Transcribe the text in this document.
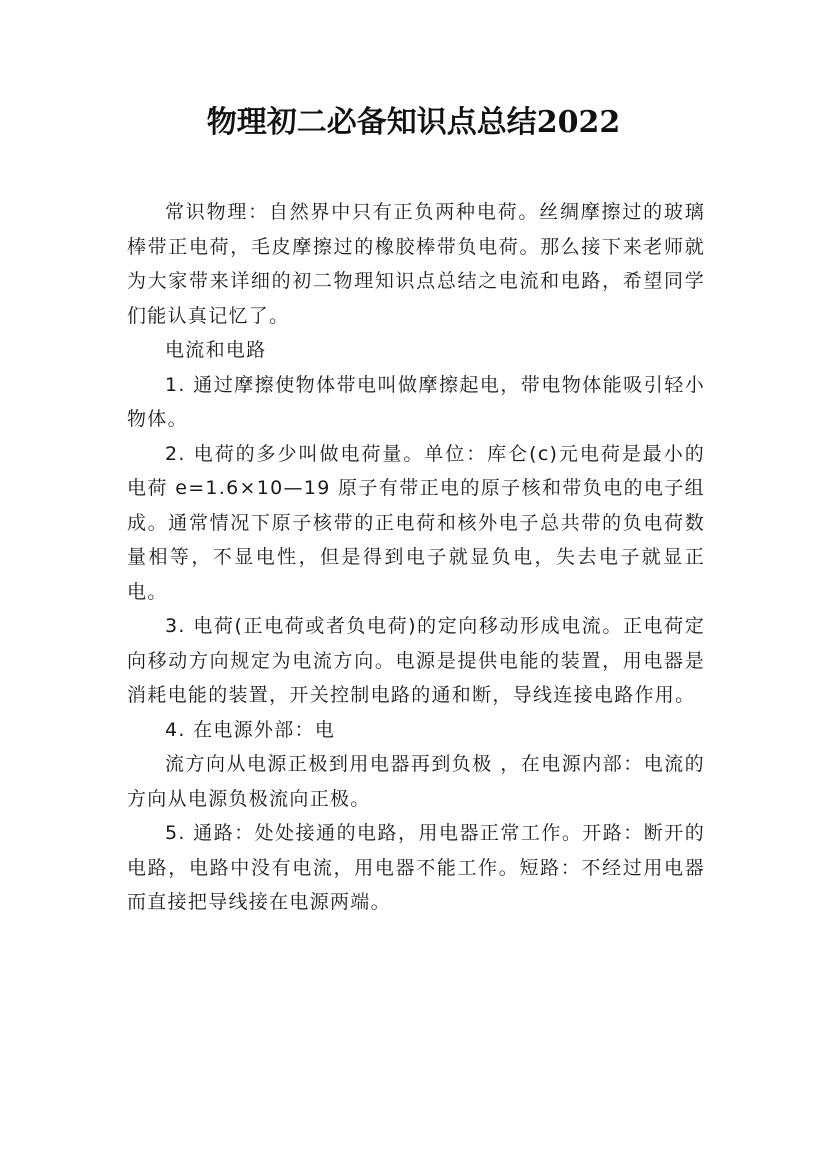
物理初二必备知识点总结2022

常识物理：自然界中只有正负两种电荷。丝绸摩擦过的玻璃棒带正电荷，毛皮摩擦过的橡胶棒带负电荷。那么接下来老师就为大家带来详细的初二物理知识点总结之电流和电路，希望同学们能认真记忆了。

电流和电路

1. 通过摩擦使物体带电叫做摩擦起电，带电物体能吸引轻小物体。

2. 电荷的多少叫做电荷量。单位：库仑(c)元电荷是最小的电荷 e=1.6×10—19 原子有带正电的原子核和带负电的电子组成。通常情况下原子核带的正电荷和核外电子总共带的负电荷数量相等，不显电性，但是得到电子就显负电，失去电子就显正电。

3. 电荷(正电荷或者负电荷)的定向移动形成电流。正电荷定向移动方向规定为电流方向。电源是提供电能的装置，用电器是消耗电能的装置，开关控制电路的通和断，导线连接电路作用。

4. 在电源外部：电

流方向从电源正极到用电器再到负极 ，在电源内部：电流的方向从电源负极流向正极。

5. 通路：处处接通的电路，用电器正常工作。开路：断开的电路，电路中没有电流，用电器不能工作。短路：不经过用电器而直接把导线接在电源两端。
